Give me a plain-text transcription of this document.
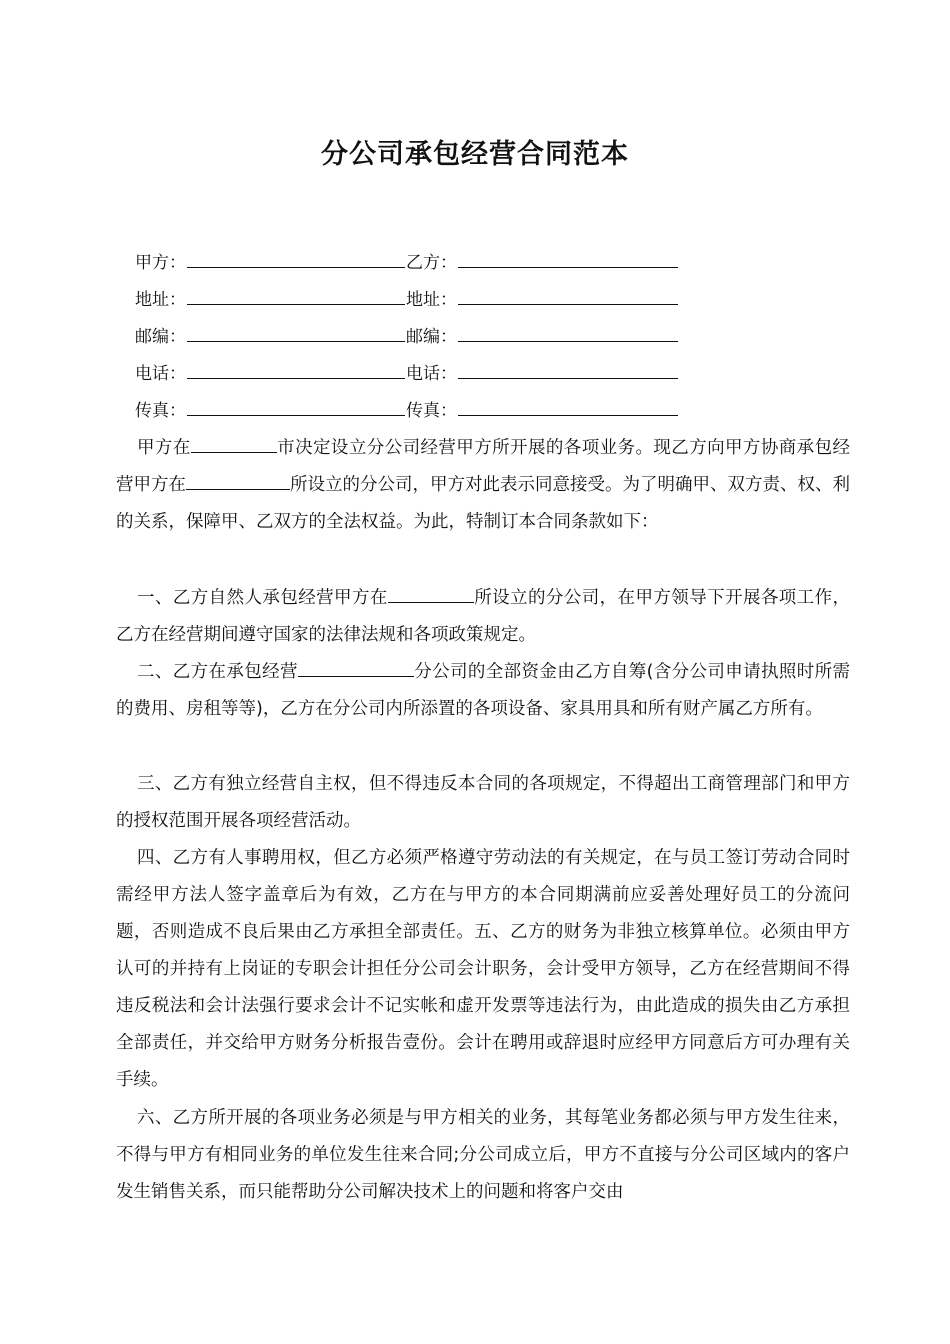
分公司承包经营合同范本
甲方：	乙方：
地址：	地址：
邮编：	邮编：
电话：	电话：
传真：	传真：

甲方在	市决定设立分公司经营甲方所开展的各项业务。现乙方向甲方协商承包经营甲方在	所设立的分公司，甲方对此表示同意接受。为了明确甲、双方责、权、利的关系，保障甲、乙双方的全法权益。为此，特制订本合同条款如下：

一、乙方自然人承包经营甲方在	所设立的分公司，在甲方领导下开展各项工作，乙方在经营期间遵守国家的法律法规和各项政策规定。

二、乙方在承包经营	分公司的全部资金由乙方自筹(含分公司申请执照时所需的费用、房租等等)，乙方在分公司内所添置的各项设备、家具用具和所有财产属乙方所有。

三、乙方有独立经营自主权，但不得违反本合同的各项规定，不得超出工商管理部门和甲方的授权范围开展各项经营活动。

四、乙方有人事聘用权，但乙方必须严格遵守劳动法的有关规定，在与员工签订劳动合同时需经甲方法人签字盖章后为有效，乙方在与甲方的本合同期满前应妥善处理好员工的分流问题，否则造成不良后果由乙方承担全部责任。五、乙方的财务为非独立核算单位。必须由甲方认可的并持有上岗证的专职会计担任分公司会计职务，会计受甲方领导，乙方在经营期间不得违反税法和会计法强行要求会计不记实帐和虚开发票等违法行为，由此造成的损失由乙方承担全部责任，并交给甲方财务分析报告壹份。会计在聘用或辞退时应经甲方同意后方可办理有关手续。

六、乙方所开展的各项业务必须是与甲方相关的业务，其每笔业务都必须与甲方发生往来，不得与甲方有相同业务的单位发生往来合同;分公司成立后，甲方不直接与分公司区域内的客户发生销售关系，而只能帮助分公司解决技术上的问题和将客户交由
